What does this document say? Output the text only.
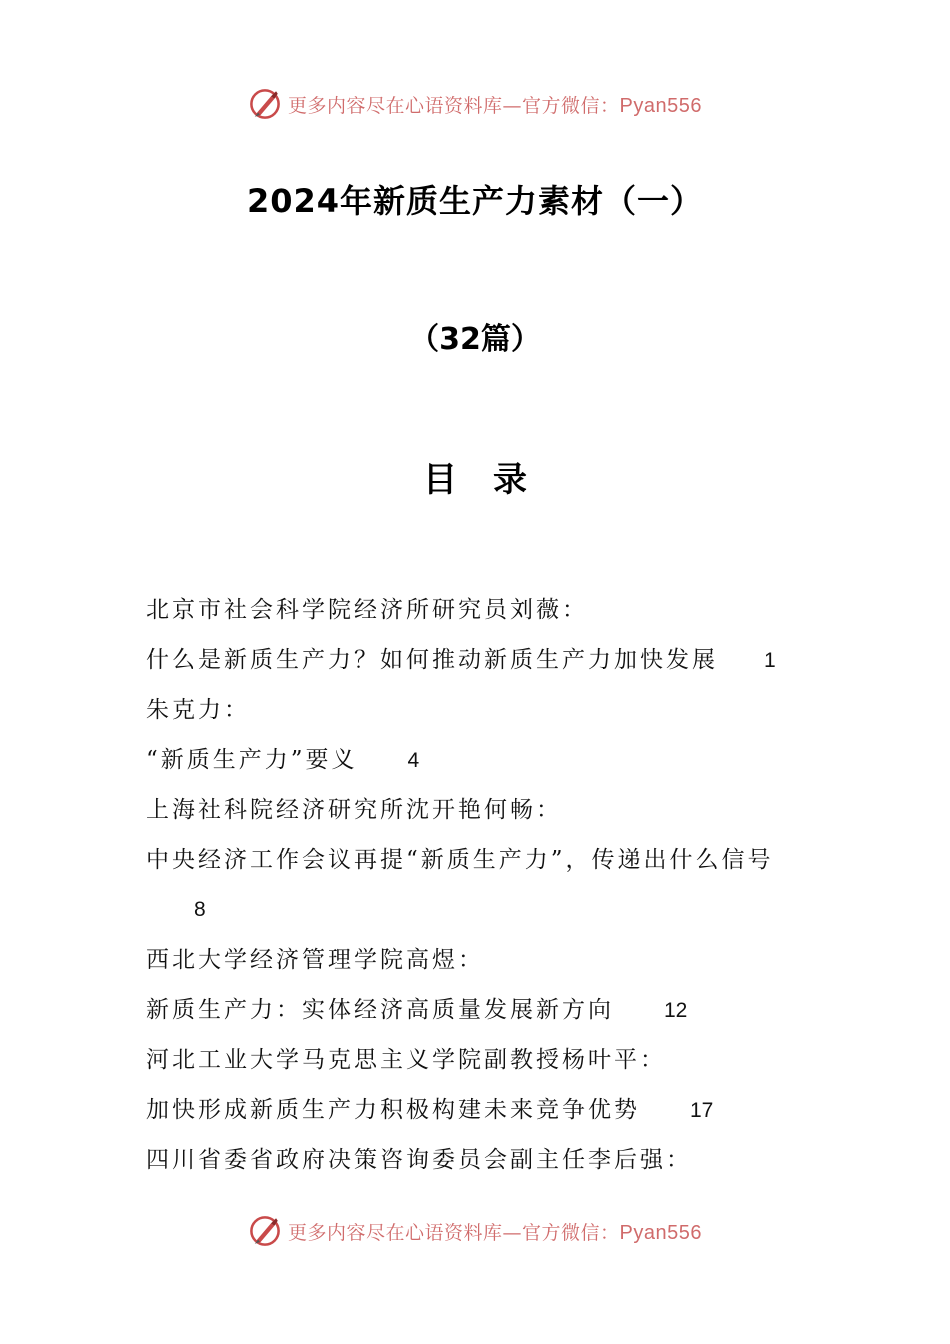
更多内容尽在心语资料库—官方微信：Pyan556
2024年新质生产力素材（一）
（32篇）
目录
北京市社会科学院经济所研究员刘薇：
什么是新质生产力？如何推动新质生产力加快发展 1
朱克力：
“新质生产力”要义 4
上海社科院经济研究所沈开艳何畅：
中央经济工作会议再提“新质生产力”，传递出什么信号
8
西北大学经济管理学院高煜：
新质生产力：实体经济高质量发展新方向 12
河北工业大学马克思主义学院副教授杨叶平：
加快形成新质生产力积极构建未来竞争优势 17
四川省委省政府决策咨询委员会副主任李后强：
更多内容尽在心语资料库—官方微信：Pyan556
